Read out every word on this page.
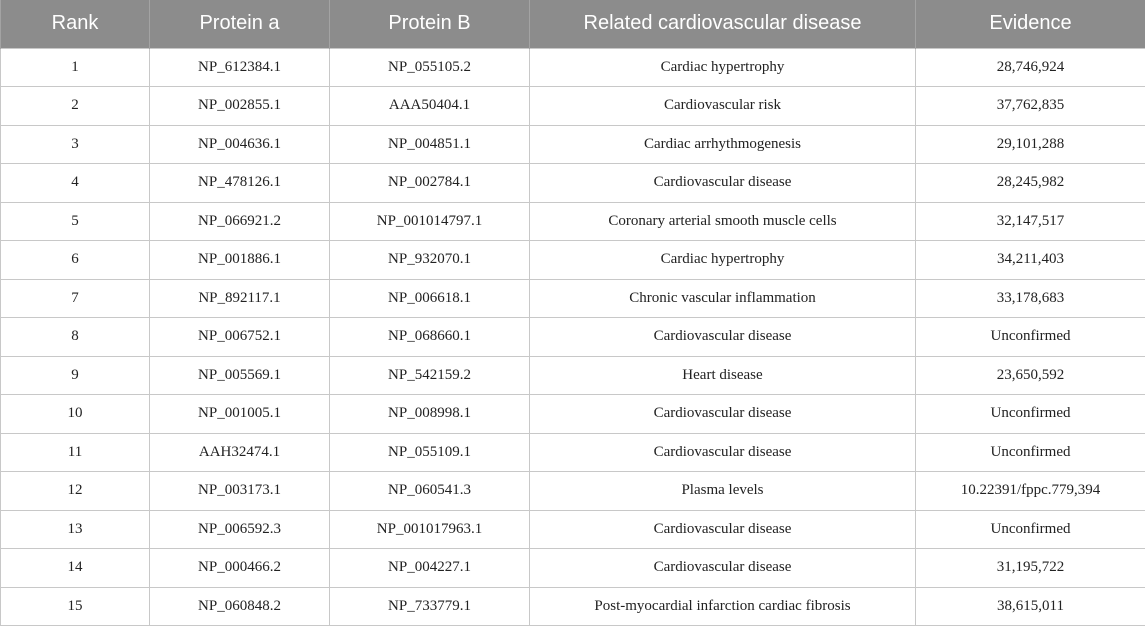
Rank	Protein a	Protein B	Related cardiovascular disease	Evidence
1	NP_612384.1	NP_055105.2	Cardiac hypertrophy	28,746,924
2	NP_002855.1	AAA50404.1	Cardiovascular risk	37,762,835
3	NP_004636.1	NP_004851.1	Cardiac arrhythmogenesis	29,101,288
4	NP_478126.1	NP_002784.1	Cardiovascular disease	28,245,982
5	NP_066921.2	NP_001014797.1	Coronary arterial smooth muscle cells	32,147,517
6	NP_001886.1	NP_932070.1	Cardiac hypertrophy	34,211,403
7	NP_892117.1	NP_006618.1	Chronic vascular inflammation	33,178,683
8	NP_006752.1	NP_068660.1	Cardiovascular disease	Unconfirmed
9	NP_005569.1	NP_542159.2	Heart disease	23,650,592
10	NP_001005.1	NP_008998.1	Cardiovascular disease	Unconfirmed
11	AAH32474.1	NP_055109.1	Cardiovascular disease	Unconfirmed
12	NP_003173.1	NP_060541.3	Plasma levels	10.22391/fppc.779,394
13	NP_006592.3	NP_001017963.1	Cardiovascular disease	Unconfirmed
14	NP_000466.2	NP_004227.1	Cardiovascular disease	31,195,722
15	NP_060848.2	NP_733779.1	Post-myocardial infarction cardiac fibrosis	38,615,011
